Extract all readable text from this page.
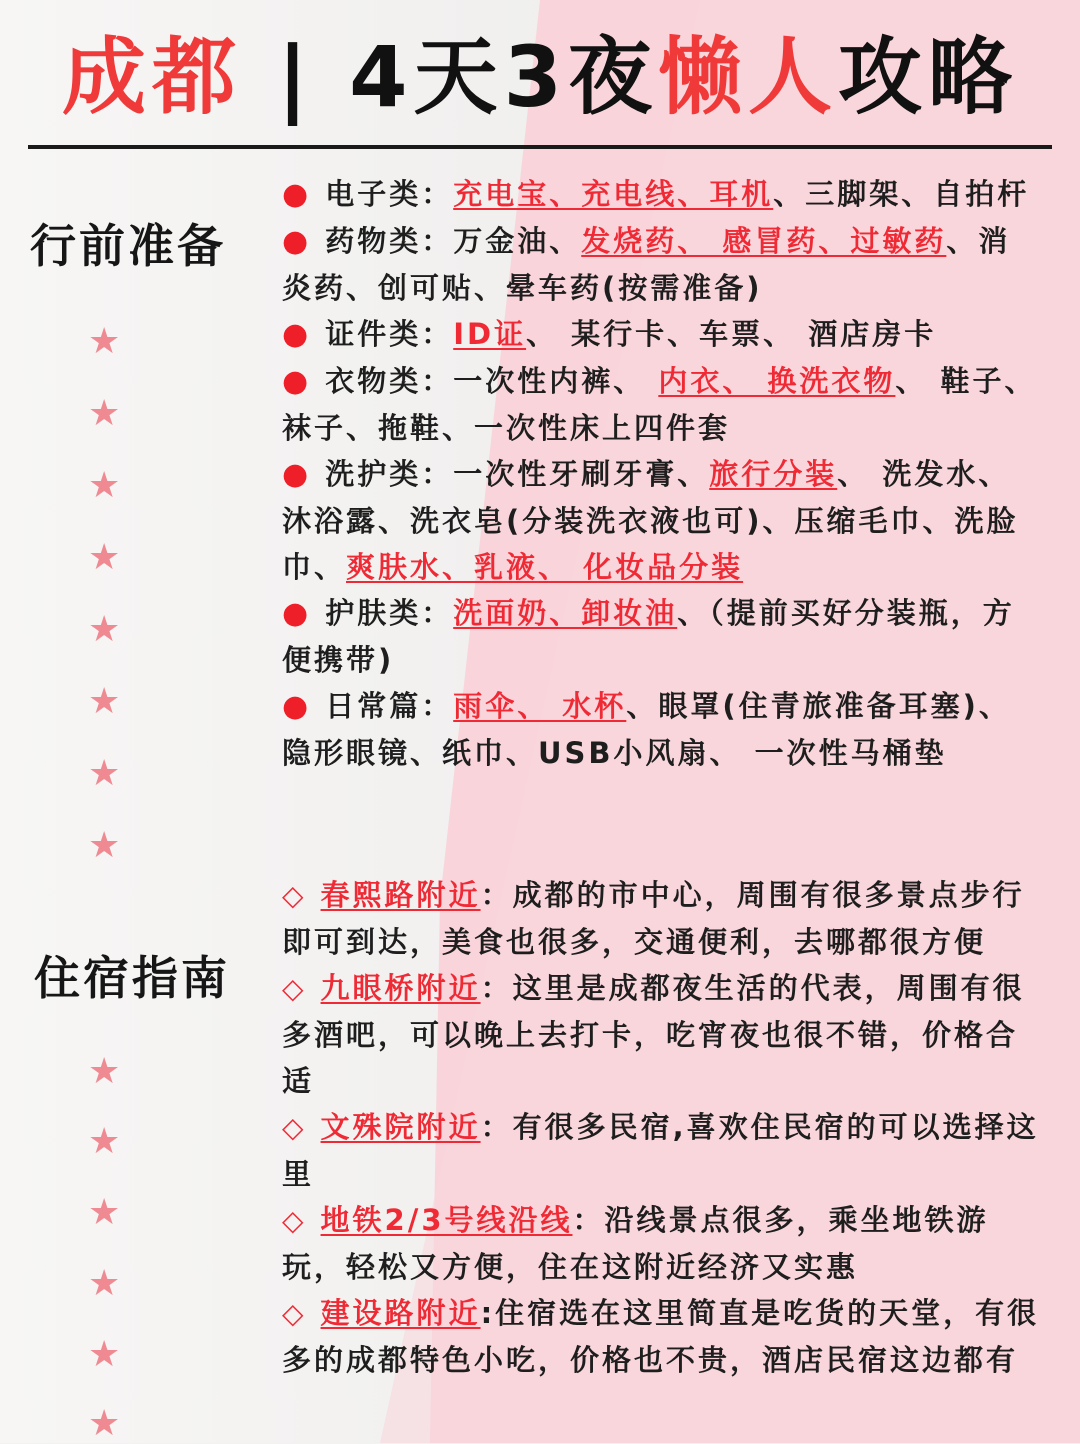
成都 | 4天3夜懒人攻略
行前准备
★
★
★
★
★
★
★
★

● 电子类：充电宝、充电线、耳机、三脚架、自拍杆

● 药物类：万金油、发烧药、 感冒药、过敏药、消炎药、创可贴、晕车药(按需准备)

● 证件类：ID证、 某行卡、车票、 酒店房卡

● 衣物类：一次性内裤、 内衣、 换洗衣物、 鞋子、 袜子、拖鞋、一次性床上四件套

● 洗护类：一次性牙刷牙膏、旅行分装、 洗发水、沐浴露、洗衣皂(分装洗衣液也可)、压缩毛巾、洗脸巾、爽肤水、乳液、 化妆品分装

● 护肤类：洗面奶、卸妆油、（提前买好分装瓶，方便携带)

● 日常篇：雨伞、 水杯、眼罩(住青旅准备耳塞)、隐形眼镜、纸巾、USB小风扇、 一次性马桶垫

住宿指南
★
★
★
★
★
★

◇ 春熙路附近：成都的市中心，周围有很多景点步行即可到达，美食也很多，交通便利，去哪都很方便

◇ 九眼桥附近：这里是成都夜生活的代表，周围有很多酒吧，可以晚上去打卡，吃宵夜也很不错，价格合适

◇ 文殊院附近：有很多民宿,喜欢住民宿的可以选择这里

◇ 地铁2/3号线沿线：沿线景点很多，乘坐地铁游玩，轻松又方便，住在这附近经济又实惠

◇ 建设路附近:住宿选在这里简直是吃货的天堂，有很多的成都特色小吃，价格也不贵，酒店民宿这边都有
